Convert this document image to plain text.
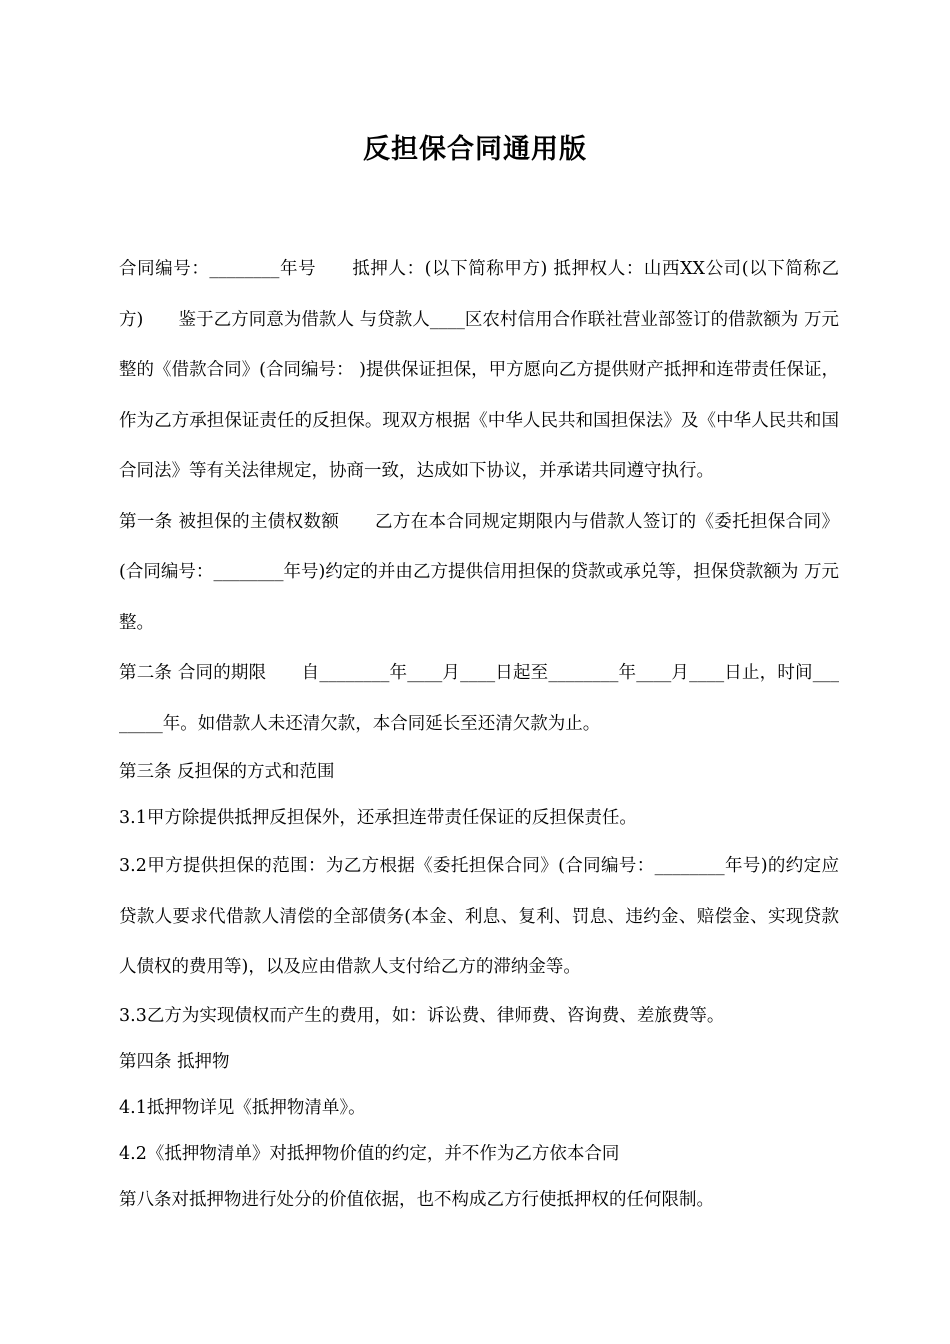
反担保合同通用版

合同编号：________年号　　抵押人：(以下简称甲方) 抵押权人：山西XX公司(以下简称乙方)　　鉴于乙方同意为借款人 与贷款人____区农村信用合作联社营业部签订的借款额为 万元整的《借款合同》(合同编号： )提供保证担保，甲方愿向乙方提供财产抵押和连带责任保证，作为乙方承担保证责任的反担保。现双方根据《中华人民共和国担保法》及《中华人民共和国合同法》等有关法律规定，协商一致，达成如下协议，并承诺共同遵守执行。

第一条 被担保的主债权数额　　乙方在本合同规定期限内与借款人签订的《委托担保合同》(合同编号：________年号)约定的并由乙方提供信用担保的贷款或承兑等，担保贷款额为 万元整。

第二条 合同的期限　　自________年____月____日起至________年____月____日止，时间________年。如借款人未还清欠款，本合同延长至还清欠款为止。

第三条 反担保的方式和范围

3.1甲方除提供抵押反担保外，还承担连带责任保证的反担保责任。

3.2甲方提供担保的范围：为乙方根据《委托担保合同》(合同编号：________年号)的约定应贷款人要求代借款人清偿的全部债务(本金、利息、复利、罚息、违约金、赔偿金、实现贷款人债权的费用等)，以及应由借款人支付给乙方的滞纳金等。

3.3乙方为实现债权而产生的费用，如：诉讼费、律师费、咨询费、差旅费等。

第四条 抵押物

4.1抵押物详见《抵押物清单》。

4.2《抵押物清单》对抵押物价值的约定，并不作为乙方依本合同

第八条对抵押物进行处分的价值依据，也不构成乙方行使抵押权的任何限制。
